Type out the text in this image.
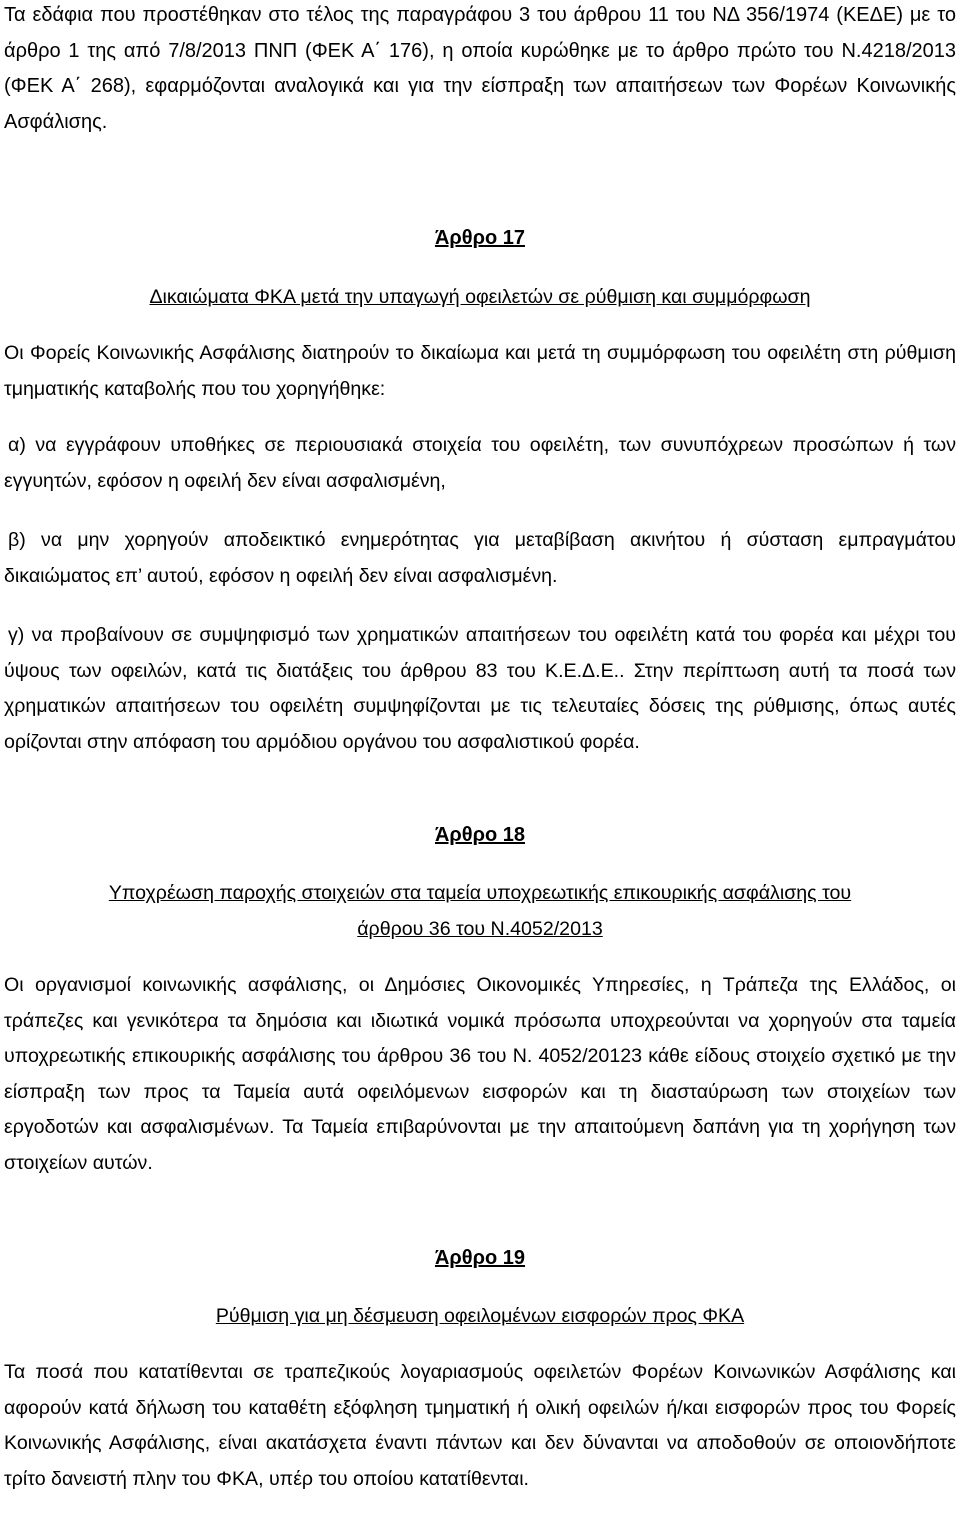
Τα εδάφια που προστέθηκαν στο τέλος της παραγράφου 3 του άρθρου 11 του ΝΔ 356/1974 (ΚΕΔΕ) με το άρθρο 1 της από 7/8/2013 ΠΝΠ (ΦΕΚ Α΄ 176), η οποία κυρώθηκε με το άρθρο πρώτο του Ν.4218/2013 (ΦΕΚ Α΄ 268), εφαρμόζονται αναλογικά και για την είσπραξη των απαιτήσεων των Φορέων Κοινωνικής Ασφάλισης.

Άρθρο 17
Δικαιώματα ΦΚΑ μετά την υπαγωγή οφειλετών σε ρύθμιση και συμμόρφωση

Οι Φορείς Κοινωνικής Ασφάλισης διατηρούν το δικαίωμα και μετά τη συμμόρφωση του οφειλέτη στη ρύθμιση τμηματικής καταβολής που του χορηγήθηκε:

α) να εγγράφουν υποθήκες σε περιουσιακά στοιχεία του οφειλέτη, των συνυπόχρεων προσώπων ή των εγγυητών, εφόσον η οφειλή δεν είναι ασφαλισμένη,

β) να μην χορηγούν αποδεικτικό ενημερότητας για μεταβίβαση ακινήτου ή σύσταση εμπραγμάτου δικαιώματος επ’ αυτού, εφόσον η οφειλή δεν είναι ασφαλισμένη.

γ) να προβαίνουν σε συμψηφισμό των χρηματικών απαιτήσεων του οφειλέτη κατά του φορέα και μέχρι του ύψους των οφειλών, κατά τις διατάξεις του άρθρου 83 του Κ.Ε.Δ.Ε.. Στην περίπτωση αυτή τα ποσά των χρηματικών απαιτήσεων του οφειλέτη συμψηφίζονται με τις τελευταίες δόσεις της ρύθμισης, όπως αυτές ορίζονται στην απόφαση του αρμόδιου οργάνου του ασφαλιστικού φορέα.

Άρθρο 18
Υποχρέωση παροχής στοιχειών στα ταμεία υποχρεωτικής επικουρικής ασφάλισης του
άρθρου 36 του Ν.4052/2013

Οι οργανισμοί κοινωνικής ασφάλισης, οι Δημόσιες Οικονομικές Υπηρεσίες, η Τράπεζα της Ελλάδος, οι τράπεζες και γενικότερα τα δημόσια και ιδιωτικά νομικά πρόσωπα υποχρεούνται να χορηγούν στα ταμεία υποχρεωτικής επικουρικής ασφάλισης του άρθρου 36 του Ν. 4052/20123 κάθε είδους στοιχείο σχετικό με την είσπραξη των προς τα Ταμεία αυτά οφειλόμενων εισφορών και τη διασταύρωση των στοιχείων των εργοδοτών και ασφαλισμένων. Τα Ταμεία επιβαρύνονται με την απαιτούμενη δαπάνη για τη χορήγηση των στοιχείων αυτών.

Άρθρο 19
Ρύθμιση για μη δέσμευση οφειλομένων εισφορών προς ΦΚΑ

Τα ποσά που κατατίθενται σε τραπεζικούς λογαριασμούς οφειλετών Φορέων Κοινωνικών Ασφάλισης και αφορούν κατά δήλωση του καταθέτη εξόφληση τμηματική ή ολική οφειλών ή/και εισφορών προς του Φορείς Κοινωνικής Ασφάλισης, είναι ακατάσχετα έναντι πάντων και δεν δύνανται να αποδοθούν σε οποιονδήποτε τρίτο δανειστή πλην του ΦΚΑ, υπέρ του οποίου κατατίθενται.
